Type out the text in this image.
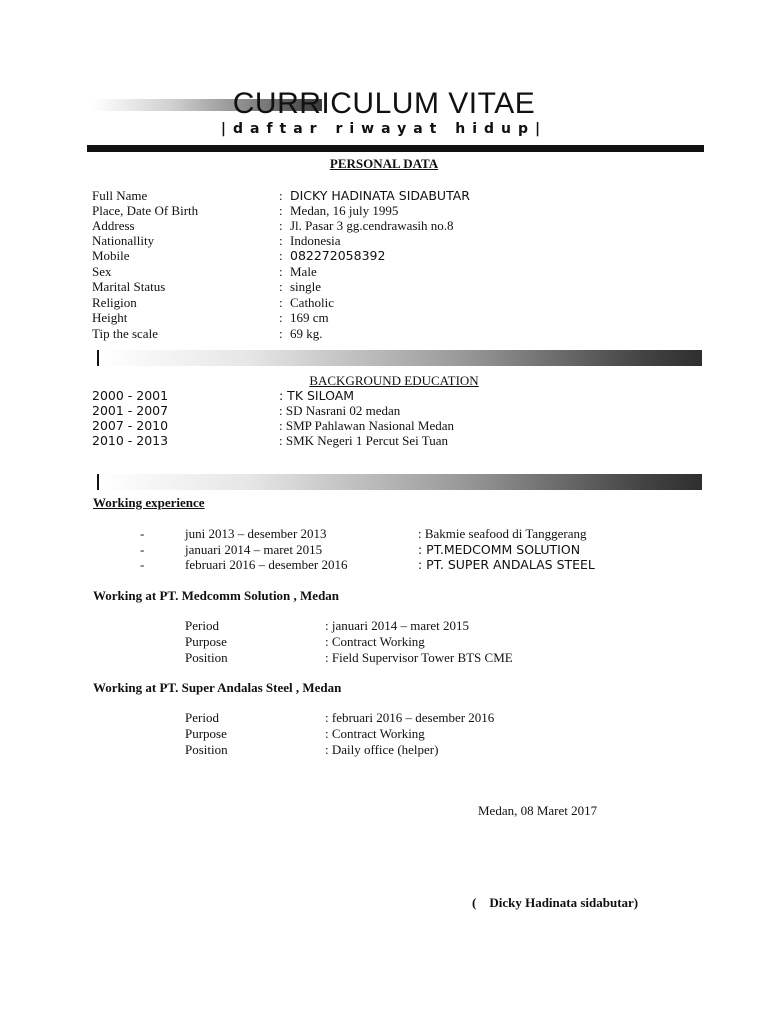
CURRICULUM VITAE
|daftar riwayat hidup|
PERSONAL DATA
Full Name	: DICKY HADINATA SIDABUTAR
Place, Date Of Birth	: Medan, 16 july 1995
Address	: Jl. Pasar 3 gg.cendrawasih no.8
Nationallity	: Indonesia
Mobile	: 082272058392
Sex	: Male
Marital Status	: single
Religion	: Catholic
Height	: 169 cm
Tip the scale	: 69 kg.
BACKGROUND EDUCATION
2000 - 2001	: TK SILOAM
2001 - 2007	: SD Nasrani 02 medan
2007 - 2010	: SMP Pahlawan Nasional Medan
2010 - 2013	: SMK Negeri 1 Percut Sei Tuan
Working experience
-	juni 2013 – desember 2013	: Bakmie seafood di Tanggerang
-	januari 2014 – maret 2015	: PT.MEDCOMM SOLUTION
-	februari 2016 – desember 2016	: PT. SUPER ANDALAS STEEL
Working at PT. Medcomm Solution , Medan
Period	: januari 2014 – maret 2015
Purpose	: Contract Working
Position	: Field Supervisor Tower BTS CME
Working at PT. Super Andalas Steel , Medan
Period	: februari 2016 – desember 2016
Purpose	: Contract Working
Position	: Daily office (helper)
Medan, 08 Maret 2017
(    Dicky Hadinata sidabutar)
